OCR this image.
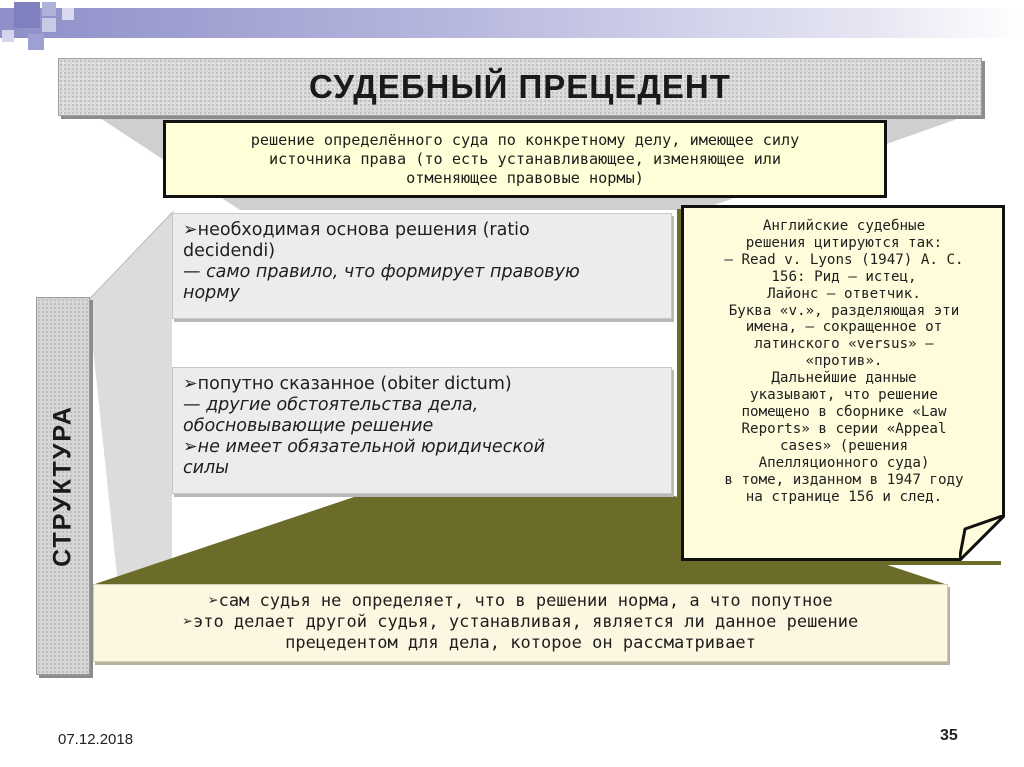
СУДЕБНЫЙ ПРЕЦЕДЕНТ
решение определённого суда по конкретному делу, имеющее силу
источника права (то есть устанавливающее, изменяющее или
отменяющее правовые нормы)
СТРУКТУРА
➢необходимая основа решения (ratio
decidendi)
— само правило, что формирует правовую
норму
➢попутно сказанное (obiter dictum)
— другие обстоятельства дела,
обосновывающие решение
➢не имеет обязательной юридической
силы
Английские судебные
решения цитируются так:
— Read v. Lyons (1947) A. C.
156: Рид — истец,
Лайонс — ответчик.
Буква «v.», разделяющая эти
имена, — сокращенное от
латинского «versus» —
«против».
Дальнейшие данные
указывают, что решение
помещено в сборнике «Law
Reports» в серии «Appeal
cases» (решения
Апелляционного суда)
в томе, изданном в 1947 году
на странице 156 и след.
➢сам судья не определяет, что в решении норма, а что попутное
➢это делает другой судья, устанавливая, является ли данное решение
прецедентом для дела, которое он рассматривает
07.12.2018	35
